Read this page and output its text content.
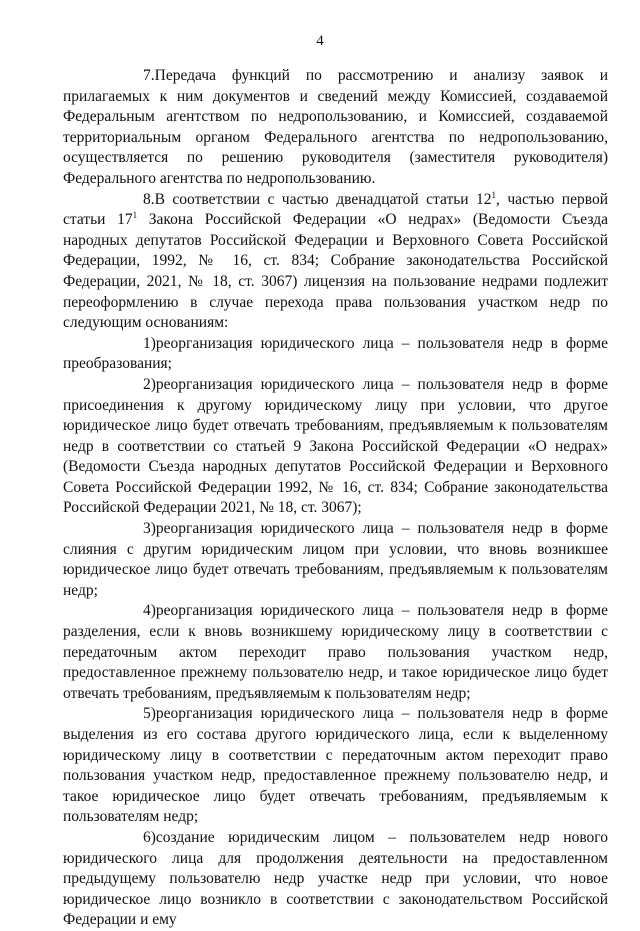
4

7.Передача функций по рассмотрению и анализу заявок и прилагаемых к ним документов и сведений между Комиссией, создаваемой Федеральным агентством по недропользованию, и Комиссией, создаваемой территориальным органом Федерального агентства по недропользованию, осуществляется по решению руководителя (заместителя руководителя) Федерального агентства по недропользованию.

8.В соответствии с частью двенадцатой статьи $12^1$, частью первой статьи $17^1$ Закона Российской Федерации «О недрах» (Ведомости Съезда народных депутатов Российской Федерации и Верховного Совета Российской Федерации, 1992, № 16, ст. 834; Собрание законодательства Российской Федерации, 2021, № 18, ст. 3067) лицензия на пользование недрами подлежит переоформлению в случае перехода права пользования участком недр по следующим основаниям:

1)реорганизация юридического лица – пользователя недр в форме преобразования;

2)реорганизация юридического лица – пользователя недр в форме присоединения к другому юридическому лицу при условии, что другое юридическое лицо будет отвечать требованиям, предъявляемым к пользователям недр в соответствии со статьей 9 Закона Российской Федерации «О недрах» (Ведомости Съезда народных депутатов Российской Федерации и Верховного Совета Российской Федерации 1992, № 16, ст. 834; Собрание законодательства Российской Федерации 2021, № 18, ст. 3067);

3)реорганизация юридического лица – пользователя недр в форме слияния с другим юридическим лицом при условии, что вновь возникшее юридическое лицо будет отвечать требованиям, предъявляемым к пользователям недр;

4)реорганизация юридического лица – пользователя недр в форме разделения, если к вновь возникшему юридическому лицу в соответствии с передаточным актом переходит право пользования участком недр, предоставленное прежнему пользователю недр, и такое юридическое лицо будет отвечать требованиям, предъявляемым к пользователям недр;

5)реорганизация юридического лица – пользователя недр в форме выделения из его состава другого юридического лица, если к выделенному юридическому лицу в соответствии с передаточным актом переходит право пользования участком недр, предоставленное прежнему пользователю недр, и такое юридическое лицо будет отвечать требованиям, предъявляемым к пользователям недр;

6)создание юридическим лицом – пользователем недр нового юридического лица для продолжения деятельности на предоставленном предыдущему пользователю недр участке недр при условии, что новое юридическое лицо возникло в соответствии с законодательством Российской Федерации и ему
